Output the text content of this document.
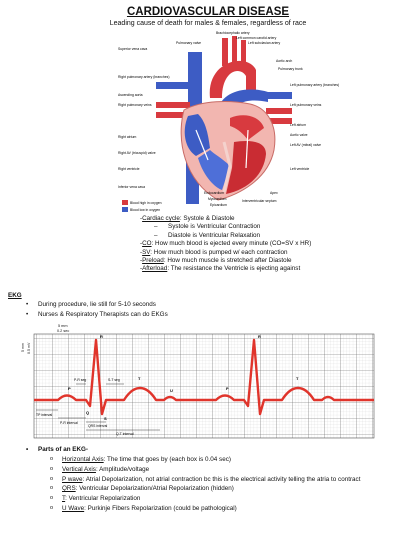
CARDIOVASCULAR DISEASE
Leading cause of death for males & females, regardless of race
Superior vena cava
Right pulmonary artery (branches)
Ascending aorta
Right pulmonary veins
Right atrium
Right AV (tricuspid) valve
Right ventricle
Inferior vena cava
Brachiocephalic artery
Left common carotid artery
Left subclavian artery
Pulmonary valve
Aortic arch
Pulmonary trunk
Left pulmonary artery (branches)
Left pulmonary veins
Left atrium
Aortic valve
Left AV (mitral) valve
Left ventricle
Apex
Endocardium
Myocardium
Epicardium
Interventricular septum
Blood high in oxygen
Blood low in oxygen
-Cardiac cycle: Systole & Diastole
– Systole is Ventricular Contraction
– Diastole is Ventricular Relaxation
-CO: How much blood is ejected every minute (CO=SV x HR)
-SV: How much blood is pumped w/ each contraction
-Preload: How much muscle is stretched after Diastole
-Afterload: The resistance the Ventricle is ejecting against
EKG
• During procedure, lie still for 5-10 seconds
• Nurses & Respiratory Therapists can do EKGs
5 mm
0.2 sec
5 mm 0.5 mV
P
Q
R
S
T
U	P
R
T
P-R seg	S-T seg
TP interval
P-R interval
QRS interval
Q-T interval
• Parts of an EKG-
o Horizontal Axis: The time that goes by (each box is 0.04 sec)
o Vertical Axis: Amplitude/voltage
o P wave: Atrial Depolarization, not atrial contraction bc this is the electrical activity telling the atria to contract
o QRS: Ventricular Depolarization/Atrial Repolarization (hidden)
o T: Ventricular Repolarization
o U Wave: Purkinje Fibers Repolarization (could be pathological)
